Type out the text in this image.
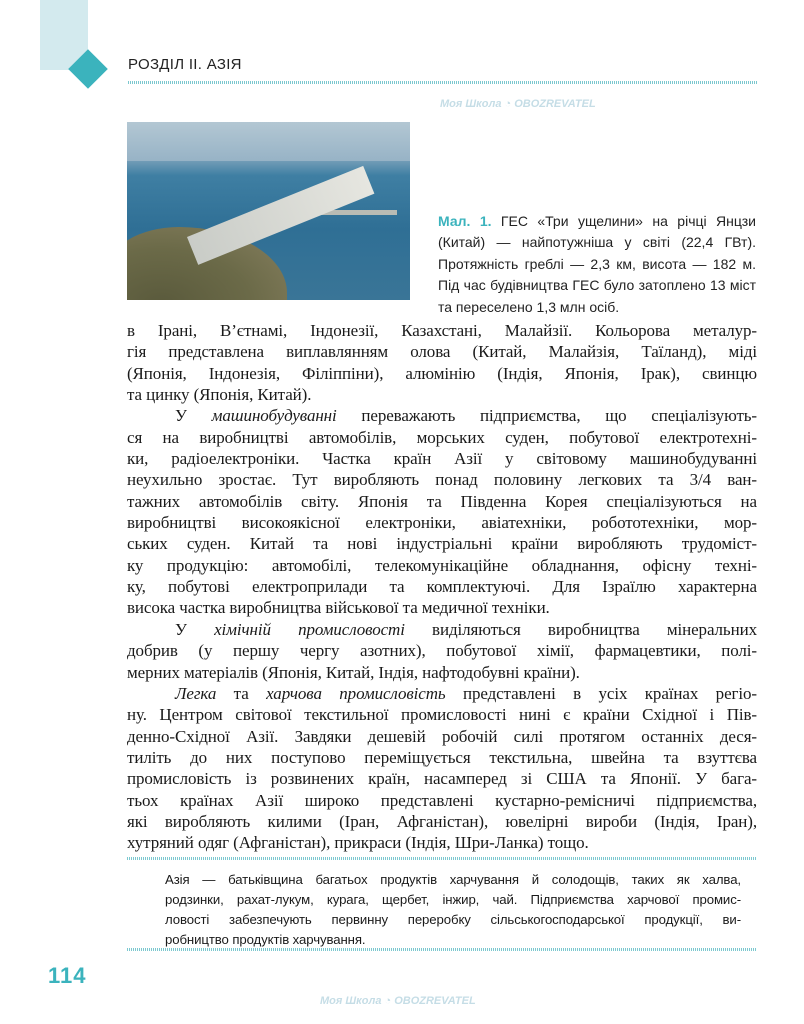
РОЗДІЛ ІІ. АЗІЯ
Мал. 1. ГЕС «Три ущелини» на річці Янцзи (Китай) — найпотужніша у світі (22,4 ГВт). Протяжність греблі — 2,3 км, висота — 182 м. Під час будівництва ГЕС було затоплено 13 міст та переселено 1,3 млн осіб.
в Ірані, В’єтнамі, Індонезії, Казахстані, Малайзії. Кольорова металур-
гія представлена виплавлянням олова (Китай, Малайзія, Таїланд), міді
(Японія, Індонезія, Філіппіни), алюмінію (Індія, Японія, Ірак), свинцю
та цинку (Японія, Китай).
У машинобудуванні переважають підприємства, що спеціалізують-
ся на виробництві автомобілів, морських суден, побутової електротехні-
ки, радіоелектроніки. Частка країн Азії у світовому машинобудуванні
неухильно зростає. Тут виробляють понад половину легкових та 3/4 ван-
тажних автомобілів світу. Японія та Південна Корея спеціалізуються на
виробництві високоякісної електроніки, авіатехніки, робототехніки, мор-
ських суден. Китай та нові індустріальні країни виробляють трудоміст-
ку продукцію: автомобілі, телекомунікаційне обладнання, офісну техні-
ку, побутові електроприлади та комплектуючі. Для Ізраїлю характерна
висока частка виробництва військової та медичної техніки.
У хімічній промисловості виділяються виробництва мінеральних
добрив (у першу чергу азотних), побутової хімії, фармацевтики, полі-
мерних матеріалів (Японія, Китай, Індія, нафтодобувні країни).
Легка та харчова промисловість представлені в усіх країнах регіо-
ну. Центром світової текстильної промисловості нині є країни Східної і Пів-
денно-Східної Азії. Завдяки дешевій робочій силі протягом останніх деся-
тиліть до них поступово переміщується текстильна, швейна та взуттєва
промисловість із розвинених країн, насамперед зі США та Японії. У бага-
тьох країнах Азії широко представлені кустарно-ремісничі підприємства,
які виробляють килими (Іран, Афганістан), ювелірні вироби (Індія, Іран),
хутряний одяг (Афганістан), прикраси (Індія, Шри-Ланка) тощо.
Азія — батьківщина багатьох продуктів харчування й солодощів, таких як халва,
родзинки, рахат-лукум, курага, щербет, інжир, чай. Підприємства харчової промис-
ловості забезпечують первинну переробку сільськогосподарської продукції, ви-
робництво продуктів харчування.
114
Моя Школа ◔ OBOZREVATEL
Моя Школа ◔ OBOZREVATEL
